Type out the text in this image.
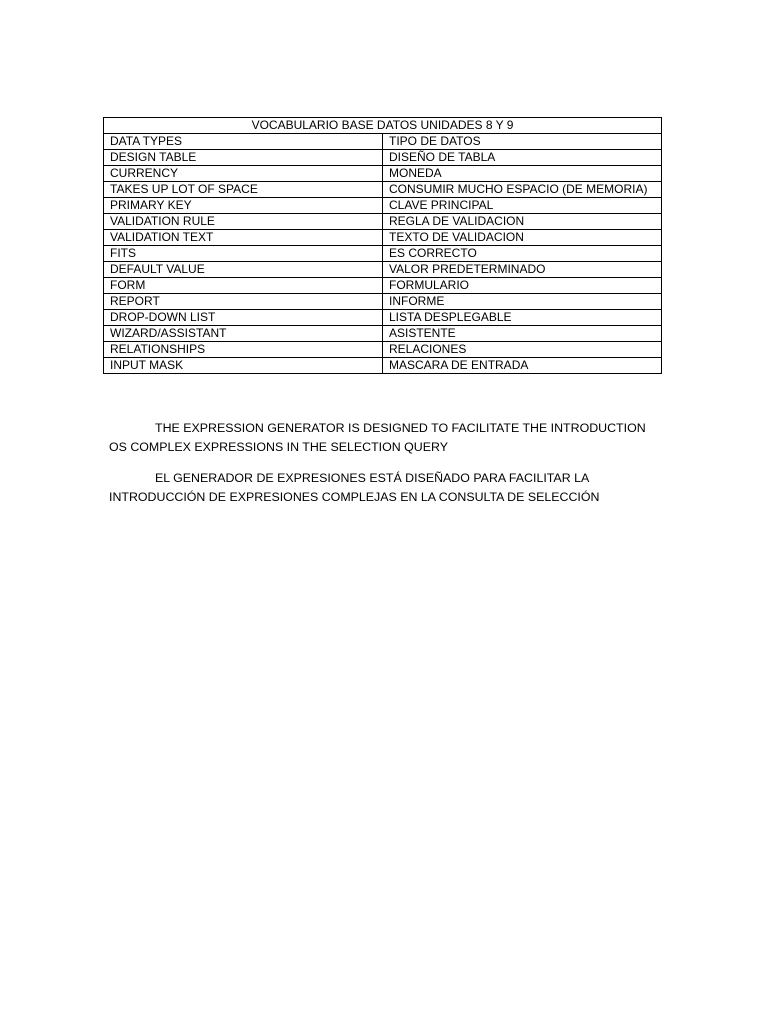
VOCABULARIO BASE DATOS UNIDADES 8 Y 9	
DATA TYPES	TIPO DE DATOS
DESIGN TABLE	DISEÑO DE TABLA
CURRENCY	MONEDA
TAKES UP LOT OF SPACE	CONSUMIR MUCHO ESPACIO (DE MEMORIA)
PRIMARY KEY	CLAVE PRINCIPAL
VALIDATION RULE	REGLA DE VALIDACION
VALIDATION TEXT	TEXTO DE VALIDACION
FITS	ES CORRECTO
DEFAULT VALUE	VALOR PREDETERMINADO
FORM	FORMULARIO
REPORT	INFORME
DROP-DOWN LIST	LISTA DESPLEGABLE
WIZARD/ASSISTANT	ASISTENTE
RELATIONSHIPS	RELACIONES
INPUT MASK	MASCARA DE ENTRADA

THE EXPRESSION GENERATOR IS DESIGNED TO FACILITATE THE INTRODUCTION OS COMPLEX EXPRESSIONS IN THE SELECTION QUERY

EL GENERADOR DE EXPRESIONES ESTÁ DISEÑADO PARA FACILITAR LA INTRODUCCIÓN DE EXPRESIONES COMPLEJAS EN LA CONSULTA DE SELECCIÓN
